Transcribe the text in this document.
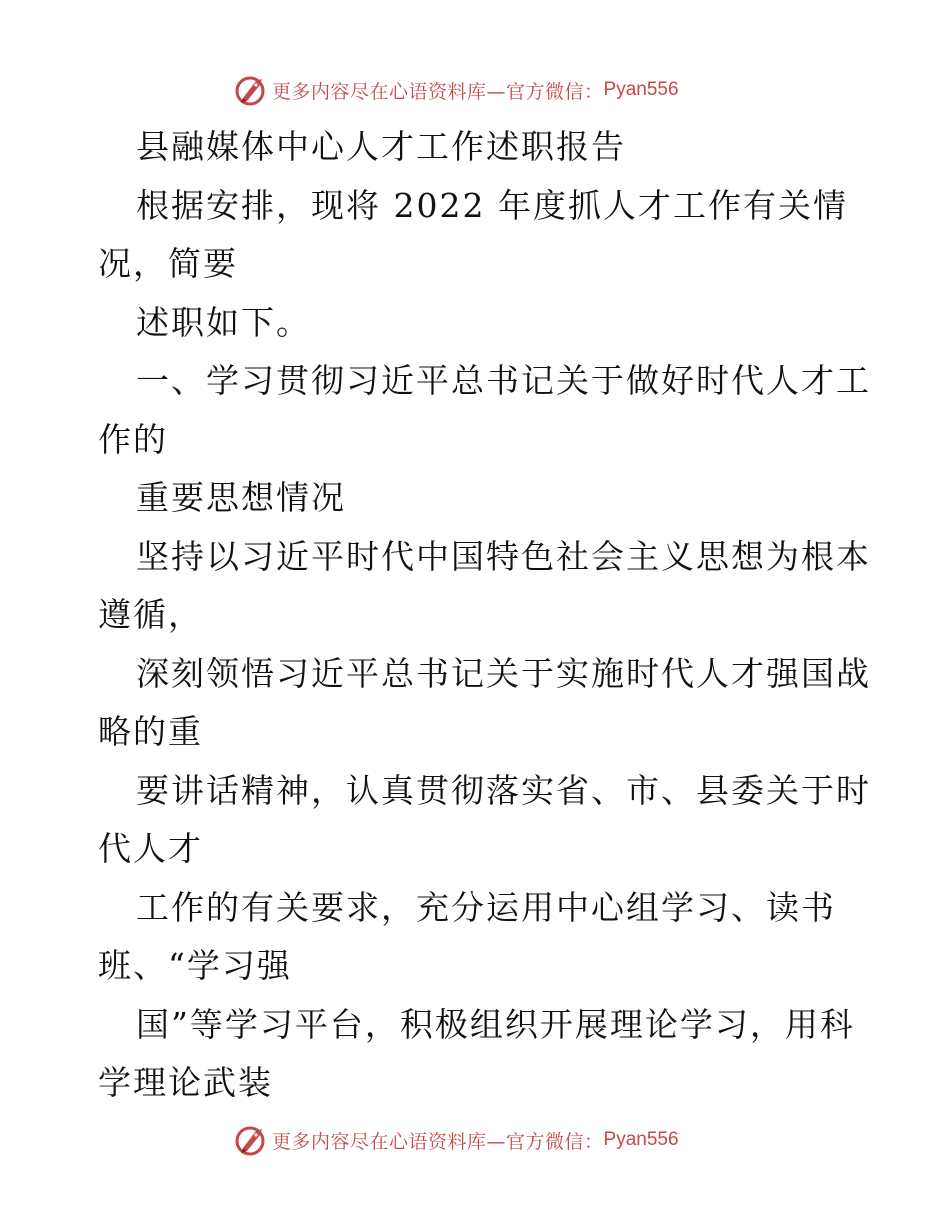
更多内容尽在心语资料库—官方微信： Pyan556
县融媒体中心人才工作述职报告
根据安排，现将 2022 年度抓人才工作有关情
况，简要
述职如下。
一、学习贯彻习近平总书记关于做好时代人才工
作的
重要思想情况
坚持以习近平时代中国特色社会主义思想为根本
遵循，
深刻领悟习近平总书记关于实施时代人才强国战
略的重
要讲话精神，认真贯彻落实省、市、县委关于时
代人才
工作的有关要求，充分运用中心组学习、读书
班、“学习强
国”等学习平台，积极组织开展理论学习，用科
学理论武装
更多内容尽在心语资料库—官方微信： Pyan556
